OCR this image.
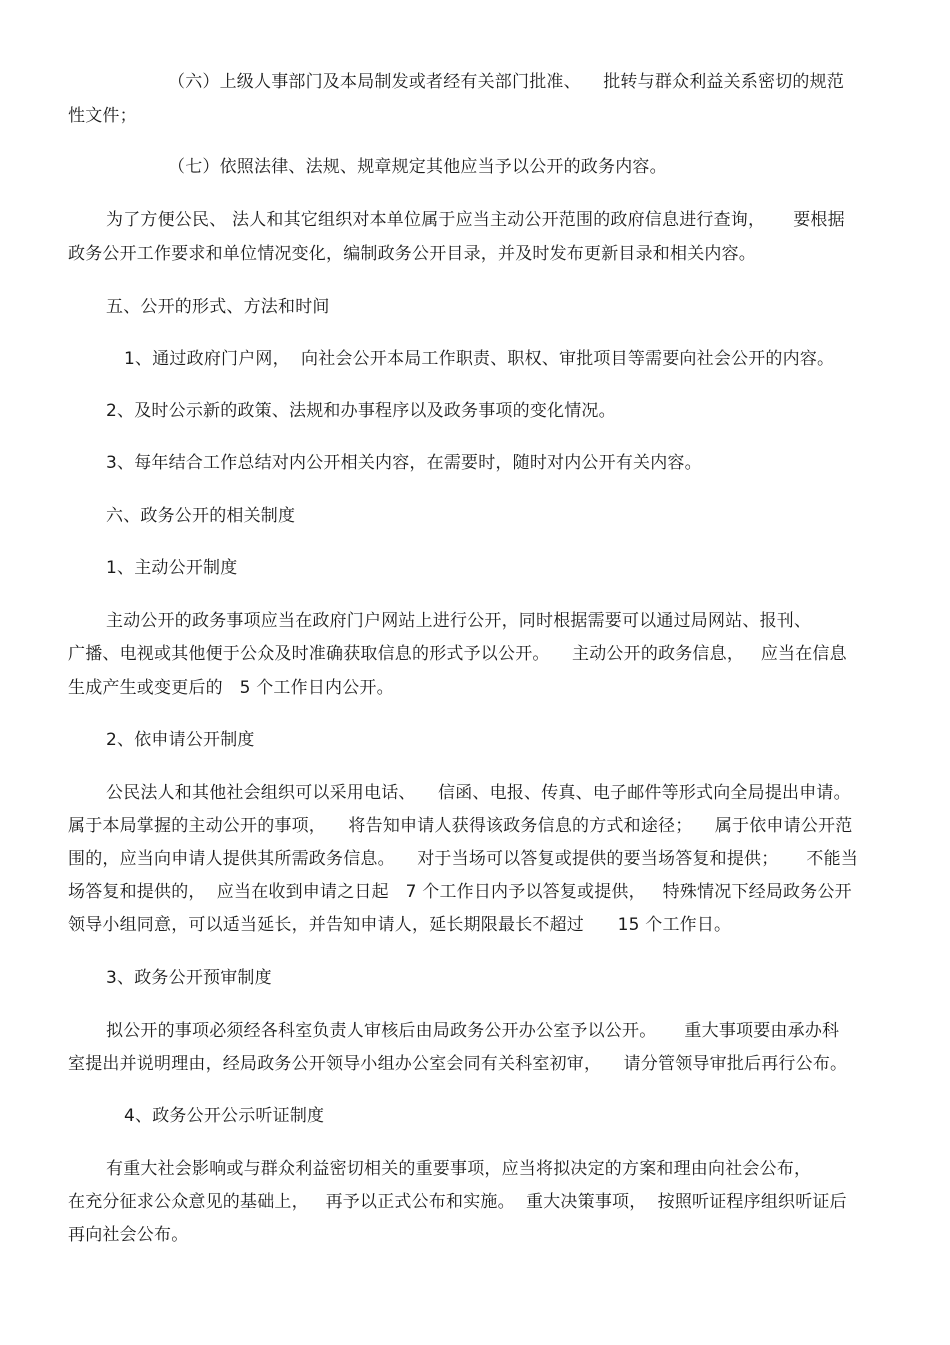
（六）上级人事部门及本局制发或者经有关部门批准、    批转与群众利益关系密切的规范
性文件；
（七）依照法律、法规、规章规定其他应当予以公开的政务内容。
为了方便公民、 法人和其它组织对本单位属于应当主动公开范围的政府信息进行查询，     要根据
政务公开工作要求和单位情况变化，编制政务公开目录，并及时发布更新目录和相关内容。
五、公开的形式、方法和时间
1、通过政府门户网，  向社会公开本局工作职责、职权、审批项目等需要向社会公开的内容。
2、及时公示新的政策、法规和办事程序以及政务事项的变化情况。
3、每年结合工作总结对内公开相关内容，在需要时，随时对内公开有关内容。
六、政务公开的相关制度
1、主动公开制度
主动公开的政务事项应当在政府门户网站上进行公开，同时根据需要可以通过局网站、报刊、
广播、电视或其他便于公众及时准确获取信息的形式予以公开。    主动公开的政务信息，   应当在信息
生成产生或变更后的   5 个工作日内公开。
2、依申请公开制度
公民法人和其他社会组织可以采用电话、    信函、电报、传真、电子邮件等形式向全局提出申请。
属于本局掌握的主动公开的事项，    将告知申请人获得该政务信息的方式和途径；    属于依申请公开范
围的，应当向申请人提供其所需政务信息。    对于当场可以答复或提供的要当场答复和提供；     不能当
场答复和提供的，  应当在收到申请之日起   7 个工作日内予以答复或提供，   特殊情况下经局政务公开
领导小组同意，可以适当延长，并告知申请人，延长期限最长不超过      15 个工作日。
3、政务公开预审制度
拟公开的事项必须经各科室负责人审核后由局政务公开办公室予以公开。     重大事项要由承办科
室提出并说明理由，经局政务公开领导小组办公室会同有关科室初审，    请分管领导审批后再行公布。
4、政务公开公示听证制度
有重大社会影响或与群众利益密切相关的重要事项，应当将拟决定的方案和理由向社会公布，
在充分征求公众意见的基础上，   再予以正式公布和实施。  重大决策事项，  按照听证程序组织听证后
再向社会公布。
